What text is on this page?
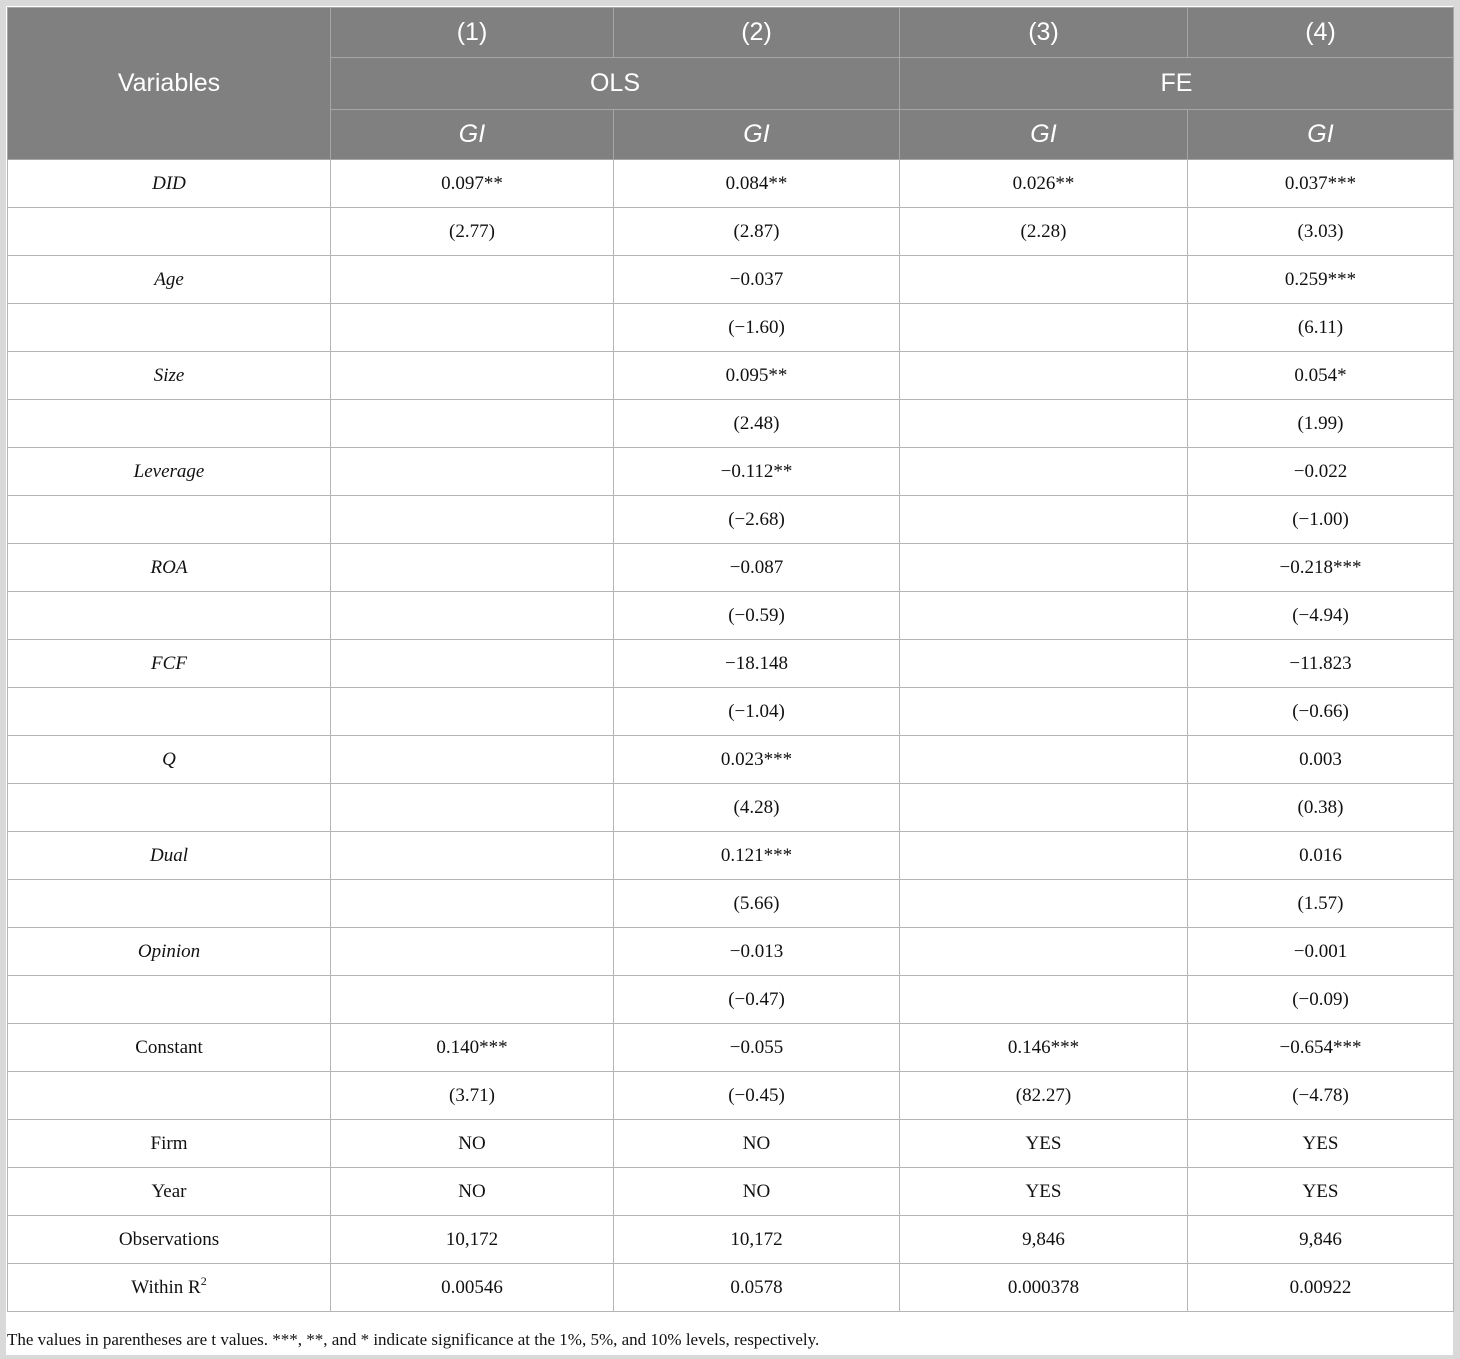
Variables	(1)	(2)	(3)	(4)
	OLS		FE	
	GI	GI	GI	GI
DID	0.097**	0.084**	0.026**	0.037***
	(2.77)	(2.87)	(2.28)	(3.03)
Age		−0.037		0.259***
		(−1.60)		(6.11)
Size		0.095**		0.054*
		(2.48)		(1.99)
Leverage		−0.112**		−0.022
		(−2.68)		(−1.00)
ROA		−0.087		−0.218***
		(−0.59)		(−4.94)
FCF		−18.148		−11.823
		(−1.04)		(−0.66)
Q		0.023***		0.003
		(4.28)		(0.38)
Dual		0.121***		0.016
		(5.66)		(1.57)
Opinion		−0.013		−0.001
		(−0.47)		(−0.09)
Constant	0.140***	−0.055	0.146***	−0.654***
	(3.71)	(−0.45)	(82.27)	(−4.78)
Firm	NO	NO	YES	YES
Year	NO	NO	YES	YES
Observations	10,172	10,172	9,846	9,846
Within $R^2$	0.00546	0.0578	0.000378	0.00922
The values in parentheses are t values. ***, **, and * indicate significance at the 1%, 5%, and 10% levels, respectively.
